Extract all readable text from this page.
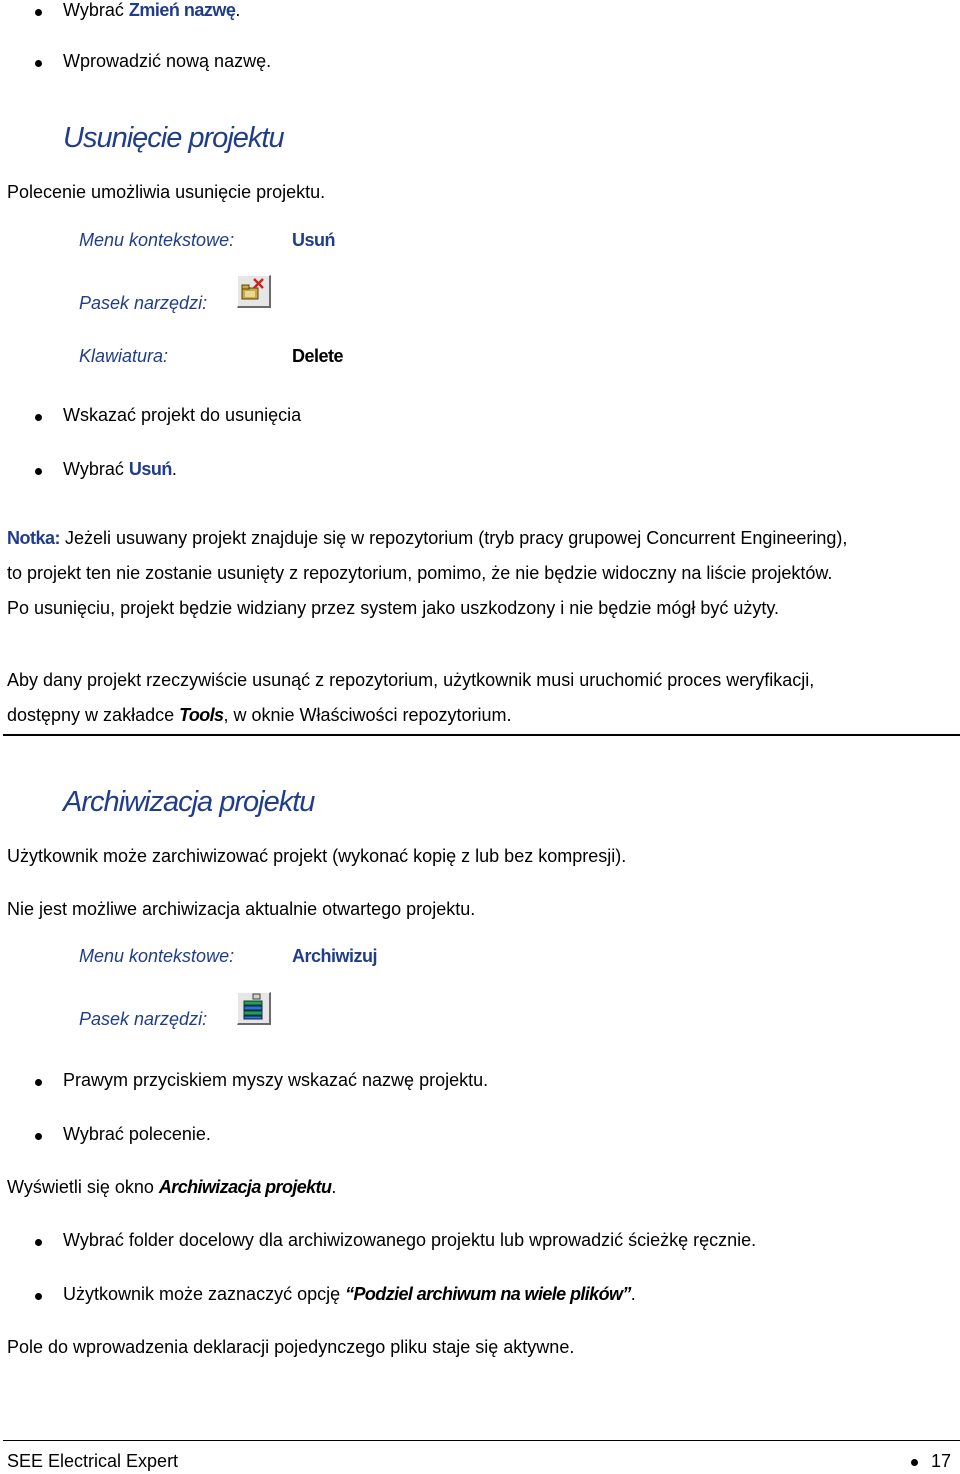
Wybrać Zmień nazwę.
Wprowadzić nową nazwę.
Usunięcie projektu
Polecenie umożliwia usunięcie projektu.
Menu kontekstowe:	Usuń
Pasek narzędzi:
Klawiatura:	Delete
Wskazać projekt do usunięcia
Wybrać Usuń.
Notka: Jeżeli usuwany projekt znajduje się w repozytorium (tryb pracy grupowej Concurrent Engineering),
to projekt ten nie zostanie usunięty z repozytorium, pomimo, że nie będzie widoczny na liście projektów.
Po usunięciu, projekt będzie widziany przez system jako uszkodzony i nie będzie mógł być użyty.
Aby dany projekt rzeczywiście usunąć z repozytorium, użytkownik musi uruchomić proces weryfikacji,
dostępny w zakładce Tools, w oknie Właściwości repozytorium.
Archiwizacja projektu
Użytkownik może zarchiwizować projekt (wykonać kopię z lub bez kompresji).
Nie jest możliwe archiwizacja aktualnie otwartego projektu.
Menu kontekstowe:	Archiwizuj
Pasek narzędzi:
Prawym przyciskiem myszy wskazać nazwę projektu.
Wybrać polecenie.
Wyświetli się okno Archiwizacja projektu.
Wybrać folder docelowy dla archiwizowanego projektu lub wprowadzić ścieżkę ręcznie.
Użytkownik może zaznaczyć opcję “Podziel archiwum na wiele plików”.
Pole do wprowadzenia deklaracji pojedynczego pliku staje się aktywne.
SEE Electrical Expert	17
